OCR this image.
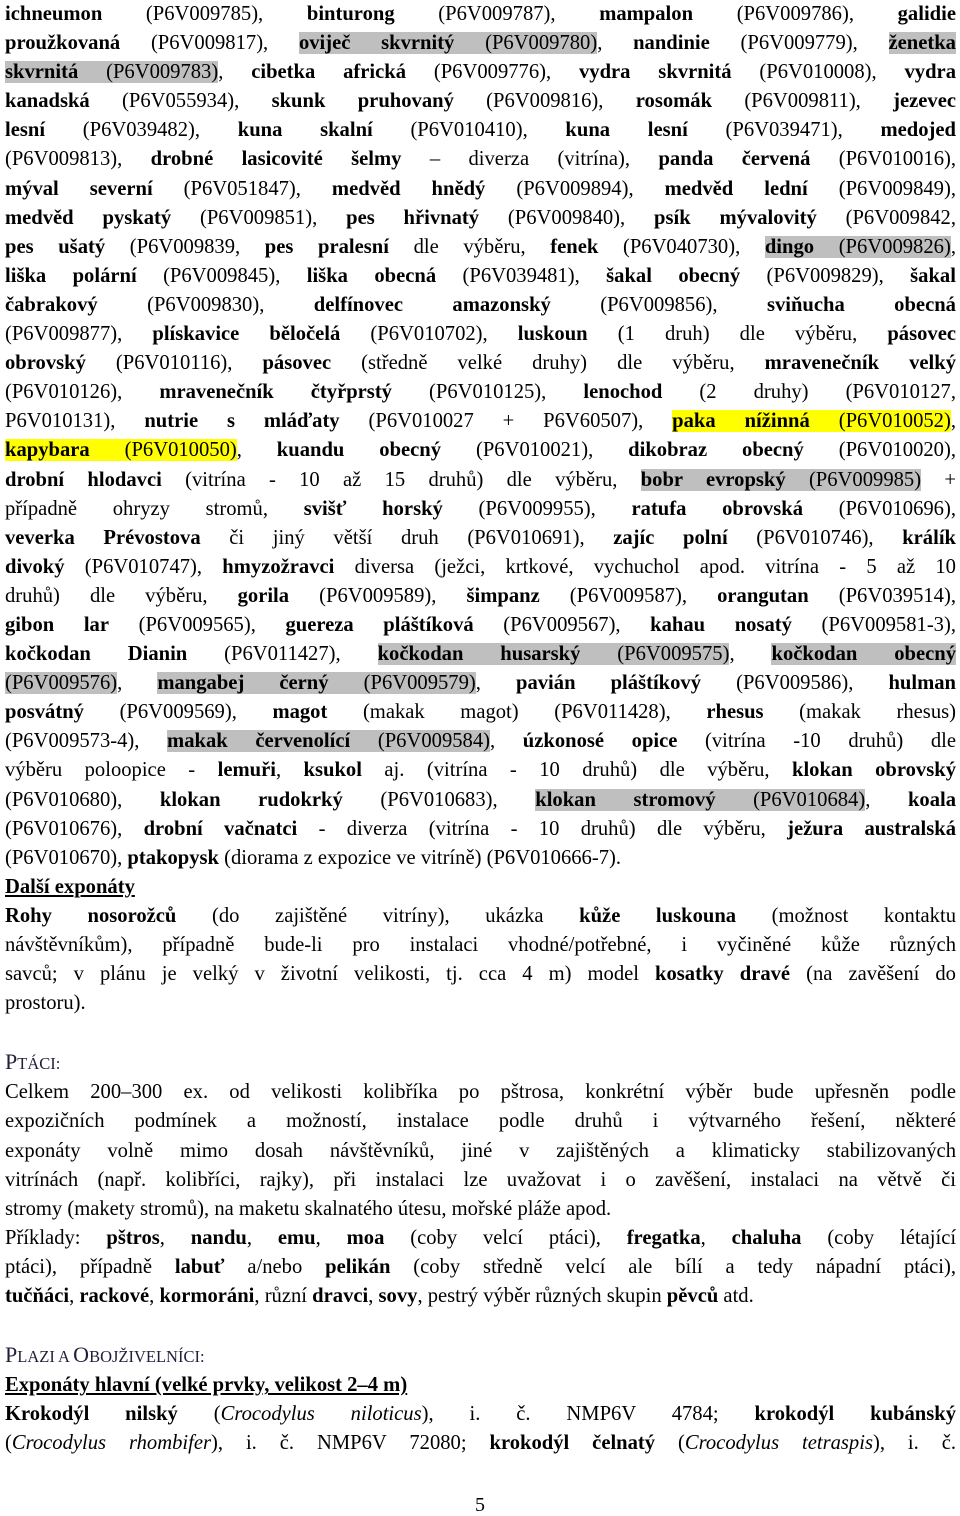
ichneumon (P6V009785), binturong (P6V009787), mampalon (P6V009786), galidie

proužkovaná (P6V009817), oviječ skvrnitý (P6V009780), nandinie (P6V009779), ženetka

skvrnitá (P6V009783), cibetka africká (P6V009776), vydra skvrnitá (P6V010008), vydra

kanadská (P6V055934), skunk pruhovaný (P6V009816), rosomák (P6V009811), jezevec

lesní (P6V039482), kuna skalní (P6V010410), kuna lesní (P6V039471), medojed

(P6V009813), drobné lasicovité šelmy – diverza (vitrína), panda červená (P6V010016),

mýval severní (P6V051847), medvěd hnědý (P6V009894), medvěd lední (P6V009849),

medvěd pyskatý (P6V009851), pes hřivnatý (P6V009840), psík mývalovitý (P6V009842,

pes ušatý (P6V009839, pes pralesní dle výběru, fenek (P6V040730), dingo (P6V009826),

liška polární (P6V009845), liška obecná (P6V039481), šakal obecný (P6V009829), šakal

čabrakový (P6V009830), delfínovec amazonský (P6V009856), sviňucha obecná

(P6V009877), plískavice běločelá (P6V010702), luskoun (1 druh) dle výběru, pásovec

obrovský (P6V010116), pásovec (středně velké druhy) dle výběru, mravenečník velký

(P6V010126), mravenečník čtyřprstý (P6V010125), lenochod (2 druhy) (P6V010127,

P6V010131), nutrie s mláďaty (P6V010027 + P6V60507), paka nížinná (P6V010052),

kapybara (P6V010050), kuandu obecný (P6V010021), dikobraz obecný (P6V010020),

drobní hlodavci (vitrína - 10 až 15 druhů) dle výběru, bobr evropský (P6V009985) +

případně ohryzy stromů, svišť horský (P6V009955), ratufa obrovská (P6V010696),

veverka Prévostova či jiný větší druh (P6V010691), zajíc polní (P6V010746), králík

divoký (P6V010747), hmyzožravci diversa (ježci, krtkové, vychuchol apod. vitrína - 5 až 10

druhů) dle výběru, gorila (P6V009589), šimpanz (P6V009587), orangutan (P6V039514),

gibon lar (P6V009565), guereza pláštíková (P6V009567), kahau nosatý (P6V009581-3),

kočkodan Dianin (P6V011427), kočkodan husarský (P6V009575), kočkodan obecný

(P6V009576), mangabej černý (P6V009579), pavián pláštíkový (P6V009586), hulman

posvátný (P6V009569), magot (makak magot) (P6V011428), rhesus (makak rhesus)

(P6V009573-4), makak červenolící (P6V009584), úzkonosé opice (vitrína -10 druhů) dle

výběru poloopice - lemuři, ksukol aj. (vitrína - 10 druhů) dle výběru, klokan obrovský

(P6V010680), klokan rudokrký (P6V010683), klokan stromový (P6V010684), koala

(P6V010676), drobní vačnatci - diverza (vitrína - 10 druhů) dle výběru, ježura australská

(P6V010670), ptakopysk (diorama z expozice ve vitríně) (P6V010666-7).

Další exponáty

Rohy nosorožců (do zajištěné vitríny), ukázka kůže luskouna (možnost kontaktu

návštěvníkům), případně bude-li pro instalaci vhodné/potřebné, i vyčiněné kůže různých

savců; v plánu je velký v životní velikosti, tj. cca 4 m) model kosatky dravé (na zavěšení do

prostoru).

PTÁCI:

Celkem 200–300 ex. od velikosti kolibříka po pštrosa, konkrétní výběr bude upřesněn podle

expozičních podmínek a možností, instalace podle druhů i výtvarného řešení, některé

exponáty volně mimo dosah návštěvníků, jiné v zajištěných a klimaticky stabilizovaných

vitrínách (např. kolibříci, rajky), při instalaci lze uvažovat i o zavěšení, instalaci na větvě či

stromy (makety stromů), na maketu skalnatého útesu, mořské pláže apod.

Příklady: pštros, nandu, emu, moa (coby velcí ptáci), fregatka, chaluha (coby létající

ptáci), případně labuť a/nebo pelikán (coby středně velcí ale bílí a tedy nápadní ptáci),

tučňáci, rackové, kormoráni, různí dravci, sovy, pestrý výběr různých skupin pěvců atd.

PLAZI A OBOJŽIVELNÍCI:

Exponáty hlavní (velké prvky, velikost 2–4 m)

Krokodýl nilský (Crocodylus niloticus), i. č. NMP6V 4784; krokodýl kubánský

(Crocodylus rhombifer), i. č. NMP6V 72080; krokodýl čelnatý (Crocodylus tetraspis), i. č.

5
